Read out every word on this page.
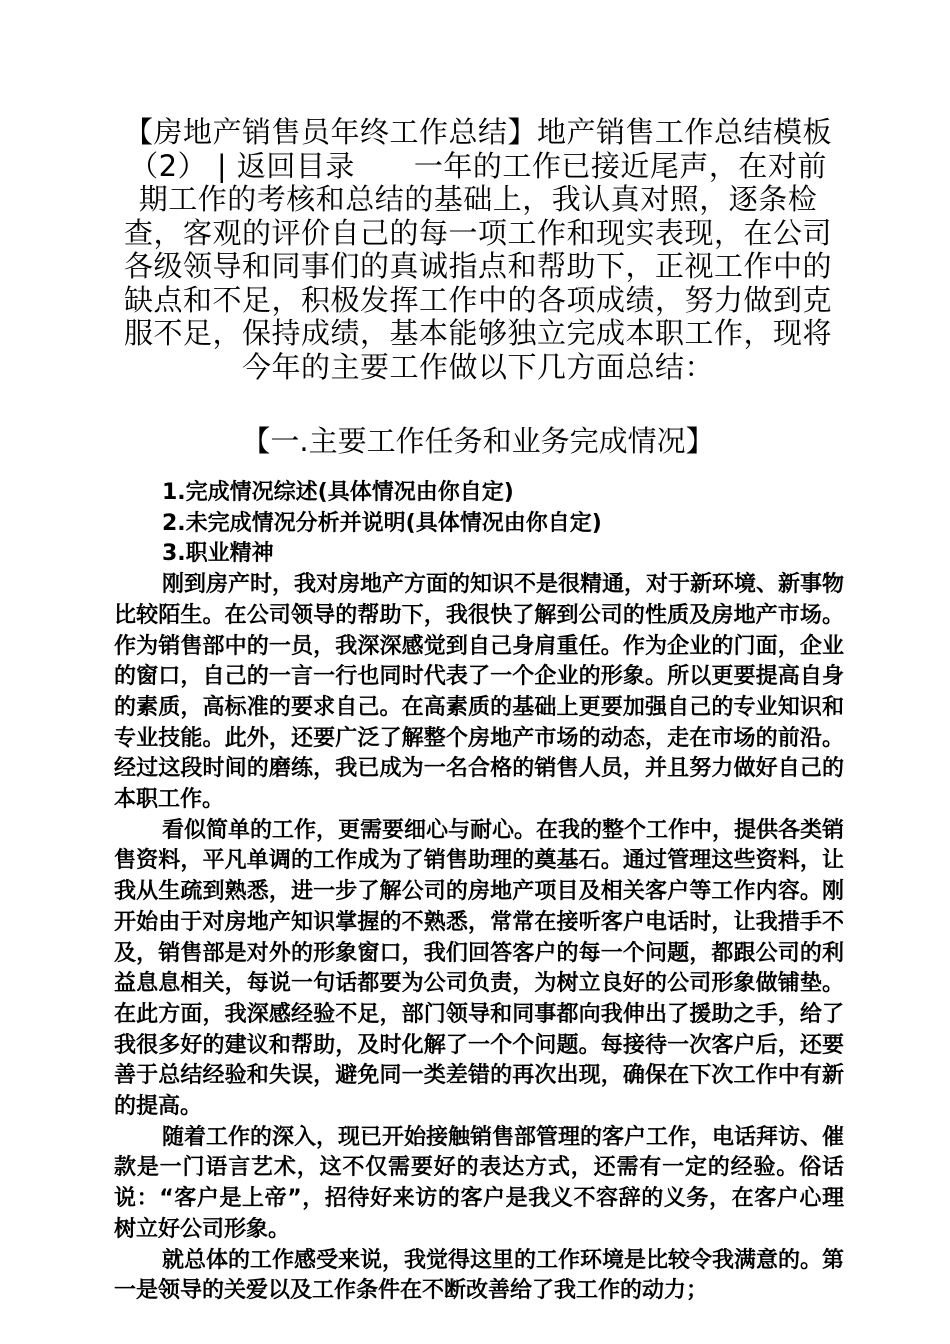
【房地产销售员年终工作总结】地产销售工作总结模板（2） | 返回目录　　一年的工作已接近尾声，在对前期工作的考核和总结的基础上，我认真对照，逐条检查，客观的评价自己的每一项工作和现实表现，在公司各级领导和同事们的真诚指点和帮助下，正视工作中的缺点和不足，积极发挥工作中的各项成绩，努力做到克服不足，保持成绩，基本能够独立完成本职工作，现将今年的主要工作做以下几方面总结：
【一.主要工作任务和业务完成情况】
1.完成情况综述(具体情况由你自定)
2.未完成情况分析并说明(具体情况由你自定)
3.职业精神
刚到房产时，我对房地产方面的知识不是很精通，对于新环境、新事物比较陌生。在公司领导的帮助下，我很快了解到公司的性质及房地产市场。作为销售部中的一员，我深深感觉到自己身肩重任。作为企业的门面，企业的窗口，自己的一言一行也同时代表了一个企业的形象。所以更要提高自身的素质，高标准的要求自己。在高素质的基础上更要加强自己的专业知识和专业技能。此外，还要广泛了解整个房地产市场的动态，走在市场的前沿。经过这段时间的磨练，我已成为一名合格的销售人员，并且努力做好自己的本职工作。
看似简单的工作，更需要细心与耐心。在我的整个工作中，提供各类销售资料，平凡单调的工作成为了销售助理的奠基石。通过管理这些资料，让我从生疏到熟悉，进一步了解公司的房地产项目及相关客户等工作内容。刚开始由于对房地产知识掌握的不熟悉，常常在接听客户电话时，让我措手不及，销售部是对外的形象窗口，我们回答客户的每一个问题，都跟公司的利益息息相关，每说一句话都要为公司负责，为树立良好的公司形象做铺垫。在此方面，我深感经验不足，部门领导和同事都向我伸出了援助之手，给了我很多好的建议和帮助，及时化解了一个个问题。每接待一次客户后，还要善于总结经验和失误，避免同一类差错的再次出现，确保在下次工作中有新的提高。
随着工作的深入，现已开始接触销售部管理的客户工作，电话拜访、催款是一门语言艺术，这不仅需要好的表达方式，还需有一定的经验。俗话说：“客户是上帝”，招待好来访的客户是我义不容辞的义务，在客户心理树立好公司形象。
就总体的工作感受来说，我觉得这里的工作环境是比较令我满意的。第一是领导的关爱以及工作条件在不断改善给了我工作的动力；
